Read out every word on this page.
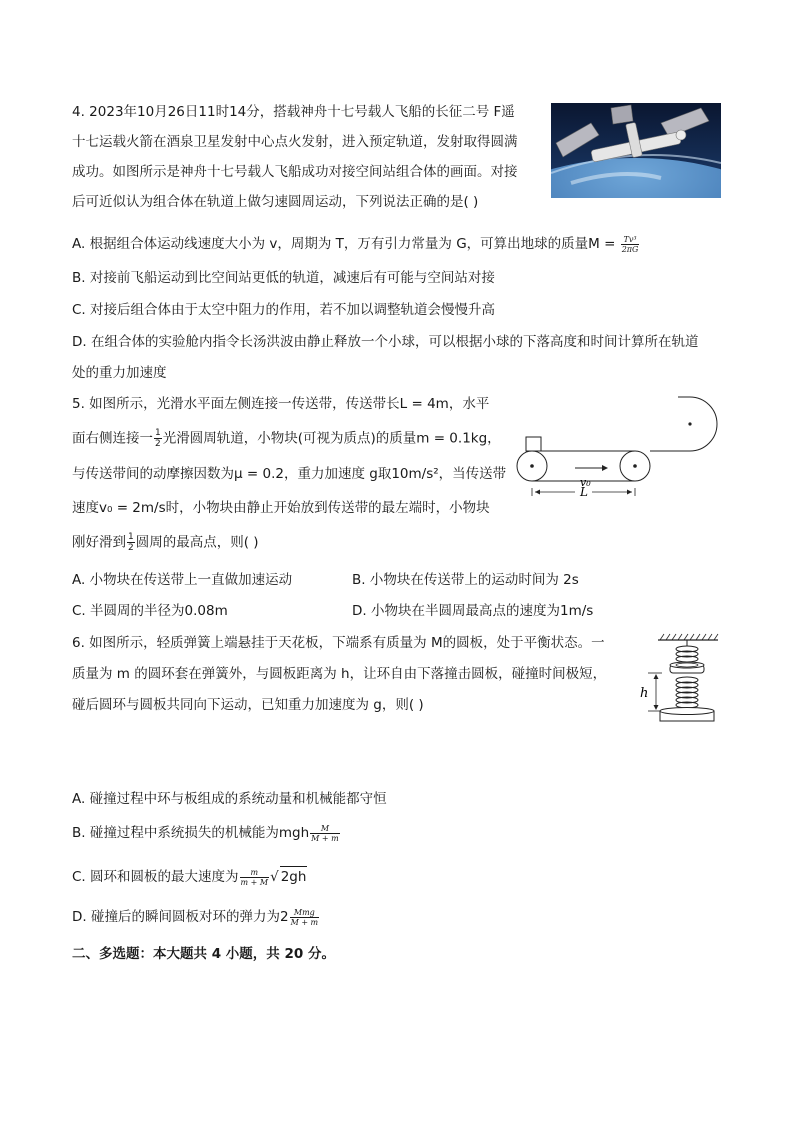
4. 2023年10月26日11时14分，搭载神舟十七号载人飞船的长征二号 F遥
十七运载火箭在酒泉卫星发射中心点火发射，进入预定轨道，发射取得圆满
成功。如图所示是神舟十七号载人飞船成功对接空间站组合体的画面。对接
后可近似认为组合体在轨道上做匀速圆周运动，下列说法正确的是( )
A. 根据组合体运动线速度大小为 v，周期为 T，万有引力常量为 G，可算出地球的质量$M = \frac{\text{Tv³}}{2\pi G}$
B. 对接前飞船运动到比空间站更低的轨道，减速后有可能与空间站对接
C. 对接后组合体由于太空中阻力的作用，若不加以调整轨道会慢慢升高
D. 在组合体的实验舱内指令长汤洪波由静止释放一个小球，可以根据小球的下落高度和时间计算所在轨道
处的重力加速度
5. 如图所示，光滑水平面左侧连接一传送带，传送带长L = 4m，水平
面右侧连接一 $\frac{1}{2}$ 光滑圆周轨道，小物块(可视为质点)的质量m = 0.1kg，
与传送带间的动摩擦因数为μ = 0.2，重力加速度 g取10m/s²，当传送带
速度v₀ = 2m/s时，小物块由静止开始放到传送带的最左端时，小物块
刚好滑到 $\frac{1}{2}$ 圆周的最高点，则( )
v₀
L
A. 小物块在传送带上一直做加速运动	B. 小物块在传送带上的运动时间为 2s
C. 半圆周的半径为0.08m	D. 小物块在半圆周最高点的速度为1m/s
6. 如图所示，轻质弹簧上端悬挂于天花板，下端系有质量为 M的圆板，处于平衡状态。一
质量为 m 的圆环套在弹簧外，与圆板距离为 h，让环自由下落撞击圆板，碰撞时间极短，
碰后圆环与圆板共同向下运动，已知重力加速度为 g，则( )
h
A. 碰撞过程中环与板组成的系统动量和机械能都守恒
B. 碰撞过程中系统损失的机械能为mgh $\frac{M}{M + m}$
C. 圆环和圆板的最大速度为 $\frac{m}{m + M}$ √ 2gh
D. 碰撞后的瞬间圆板对环的弹力为$2 \frac{\text{Mmg}}{M + m}$
二、多选题：本大题共 4 小题，共 20 分。
